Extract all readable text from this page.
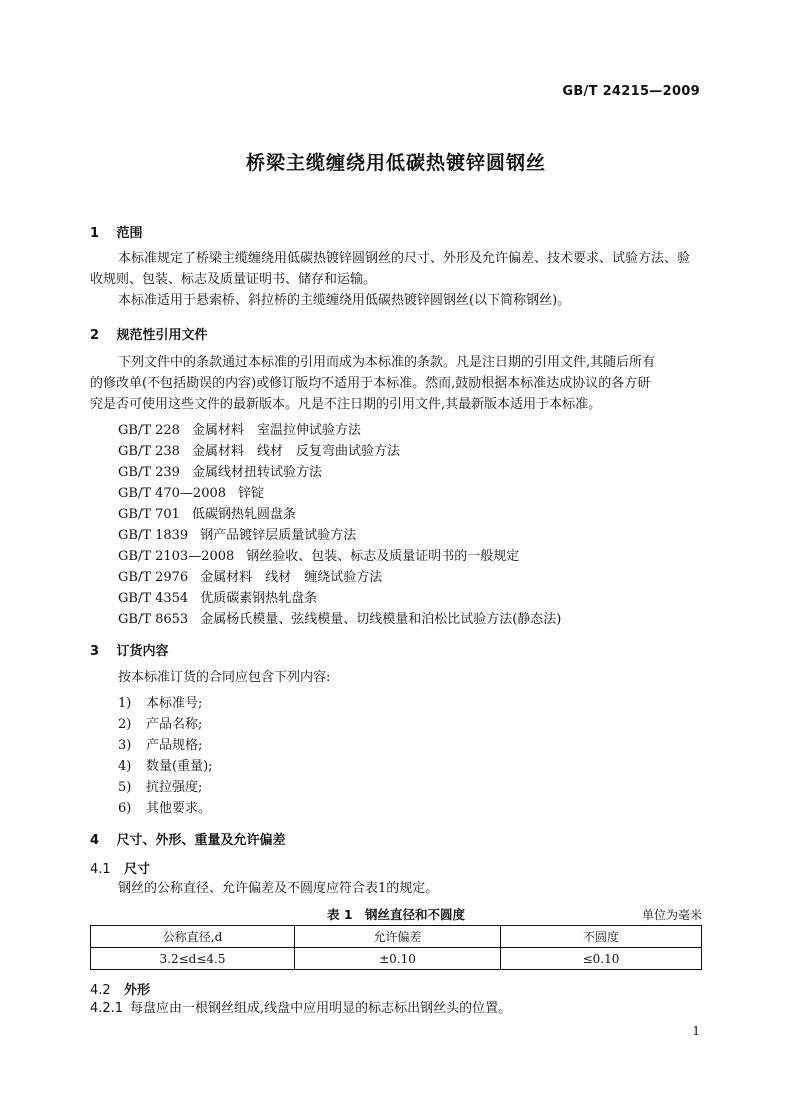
GB/T 24215—2009
桥梁主缆缠绕用低碳热镀锌圆钢丝
1 范围
本标准规定了桥梁主缆缠绕用低碳热镀锌圆钢丝的尺寸、外形及允许偏差、技术要求、试验方法、验
收规则、包装、标志及质量证明书、储存和运输。
本标准适用于悬索桥、斜拉桥的主缆缠绕用低碳热镀锌圆钢丝(以下简称钢丝)。
2 规范性引用文件
下列文件中的条款通过本标准的引用而成为本标准的条款。凡是注日期的引用文件,其随后所有
的修改单(不包括勘误的内容)或修订版均不适用于本标准。然而,鼓励根据本标准达成协议的各方研
究是否可使用这些文件的最新版本。凡是不注日期的引用文件,其最新版本适用于本标准。
GB/T 228 金属材料　室温拉伸试验方法
GB/T 238 金属材料　线材　反复弯曲试验方法
GB/T 239 金属线材扭转试验方法
GB/T 470—2008 锌锭
GB/T 701 低碳钢热轧圆盘条
GB/T 1839 钢产品镀锌层质量试验方法
GB/T 2103—2008 钢丝验收、包装、标志及质量证明书的一般规定
GB/T 2976 金属材料　线材　缠绕试验方法
GB/T 4354 优质碳素钢热轧盘条
GB/T 8653 金属杨氏模量、弦线模量、切线模量和泊松比试验方法(静态法)
3 订货内容
按本标准订货的合同应包含下列内容:
1) 本标准号;
2) 产品名称;
3) 产品规格;
4) 数量(重量);
5) 抗拉强度;
6) 其他要求。
4 尺寸、外形、重量及允许偏差
4.1 尺寸
钢丝的公称直径、允许偏差及不圆度应符合表1的规定。
表 1　钢丝直径和不圆度	单位为毫米
公称直径,d	允许偏差	不圆度
3.2≤d≤4.5	±0.10	≤0.10
4.2 外形
4.2.1 每盘应由一根钢丝组成,线盘中应用明显的标志标出钢丝头的位置。
1
